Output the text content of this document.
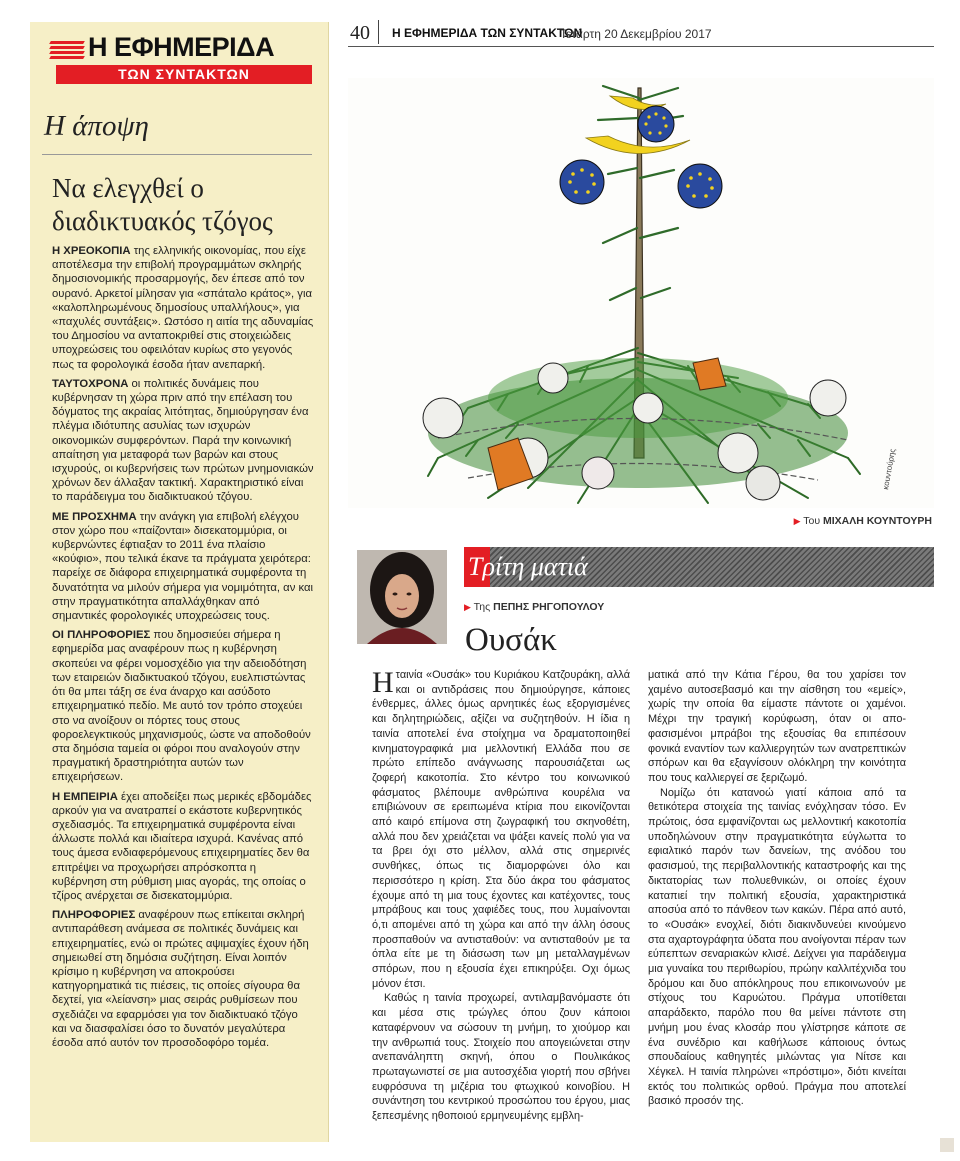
Η ΕΦΗΜΕΡΙΔΑ
ΤΩΝ ΣΥΝΤΑΚΤΩΝ
Η άποψη
Να ελεγχθεί ο διαδικτυακός τζόγος

Η ΧΡΕΟΚΟΠΙΑ της ελληνικής οικονομίας, που είχε αποτέλεσμα την επιβολή προγραμμάτων σκληρής δημοσιονομικής προσαρμογής, δεν έπεσε από τον ουρανό. Αρκετοί μίλησαν για «σπάταλο κράτος», για «καλοπληρωμένους δημοσίους υπαλλήλους», για «παχυλές συντάξεις». Ωστόσο η αιτία της αδυναμίας του Δημοσίου να ανταποκριθεί στις στοιχειώδεις υποχρεώσεις του οφειλόταν κυρίως στο γεγονός πως τα φορολογικά έσοδα ήταν ανεπαρκή.

ΤΑΥΤΟΧΡΟΝΑ οι πολιτικές δυνάμεις που κυβέρνησαν τη χώρα πριν από την επέλαση του δόγματος της ακραίας λιτότητας, δημιούργησαν ένα πλέγμα ιδιότυπης ασυλίας των ισχυρών οικονομικών συμφερόντων. Παρά την κοινωνική απαίτηση για μεταφορά των βαρών και στους ισχυρούς, οι κυβερνήσεις των πρώτων μνημονιακών χρόνων δεν άλλαξαν τακτική. Χαρακτηριστικό είναι το παράδειγμα του διαδικτυακού τζόγου.

ΜΕ ΠΡΟΣΧΗΜΑ την ανάγκη για επιβολή ελέγχου στον χώρο που «παίζονται» δισεκατομμύρια, οι κυβερνώντες έφτιαξαν το 2011 ένα πλαίσιο «κούφιο», που τελικά έκανε τα πράγματα χειρότερα: παρείχε σε διάφορα επιχειρηματικά συμφέροντα τη δυνατότητα να μιλούν σήμερα για νομιμότητα, αν και στην πραγματικότητα απαλλάχθηκαν από σημαντικές φορολογικές υποχρεώσεις τους.

ΟΙ ΠΛΗΡΟΦΟΡΙΕΣ που δημοσιεύει σήμερα η εφημερίδα μας αναφέρουν πως η κυβέρνηση σκοπεύει να φέρει νομοσχέδιο για την αδειοδότηση των εταιρειών διαδικτυακού τζόγου, ευελπιστώντας ότι θα μπει τάξη σε ένα άναρχο και ασύδοτο επιχειρηματικό πεδίο. Με αυτό τον τρόπο στοχεύει στο να ανοίξουν οι πόρτες τους στους φοροελεγκτικούς μηχανισμούς, ώστε να αποδοθούν στα δημόσια ταμεία οι φόροι που αναλογούν στην πραγματική δραστηριότητα αυτών των επιχειρήσεων.

Η ΕΜΠΕΙΡΙΑ έχει αποδείξει πως μερικές εβδομάδες αρκούν για να ανατραπεί ο εκάστοτε κυβερνητικός σχεδιασμός. Τα επιχειρηματικά συμφέροντα είναι άλλωστε πολλά και ιδιαίτερα ισχυρά. Κανένας από τους άμεσα ενδιαφερόμενους επιχειρηματίες δεν θα επιτρέψει να προχωρήσει απρόσκοπτα η κυβέρνηση στη ρύθμιση μιας αγοράς, της οποίας ο τζίρος ανέρχεται σε δισεκατομμύρια.

ΠΛΗΡΟΦΟΡΙΕΣ αναφέρουν πως επίκειται σκληρή αντιπαράθεση ανάμεσα σε πολιτικές δυνάμεις και επιχειρηματίες, ενώ οι πρώτες αψιμαχίες έχουν ήδη σημειωθεί στη δημόσια συζήτηση. Είναι λοιπόν κρίσιμο η κυβέρνηση να αποκρούσει κατηγορηματικά τις πιέσεις, τις οποίες σίγουρα θα δεχτεί, για «λείανση» μιας σειράς ρυθμίσεων που σχεδιάζει να εφαρμόσει για τον διαδικτυακό τζόγο και να διασφαλίσει όσο το δυνατόν μεγαλύτερα έσοδα από αυτόν τον προσοδοφόρο τομέα.

40 Η ΕΦΗΜΕΡΙΔΑ ΤΩΝ ΣΥΝΤΑΚΤΩΝ
Τετάρτη 20 Δεκεμβρίου 2017
κουντούρης
▶ Του ΜΙΧΑΛΗ ΚΟΥΝΤΟΥΡΗ
Τρίτη ματιά
▶ Της ΠΕΠΗΣ ΡΗΓΟΠΟΥΛΟΥ
Ουσάκ

Ηταινία «Ουσάκ» του Κυριάκου Κατζουράκη, αλλά και οι αντιδράσεις που δημιούργησε, κάποιες ένθερμες, άλλες όμως αρνητικές έως εξοργισμένες και δηλητηριώδεις, αξίζει να συζητηθούν. Η ίδια η ταινία αποτελεί ένα στοίχημα να δραματοποιηθεί κινηματογραφικά μια μελλοντική Ελλάδα που σε πρώτο επίπεδο ανάγνωσης παρουσιάζεται ως ζοφερή κακοτοπία. Στο κέντρο του κοινωνικού φάσματος βλέπουμε ανθρώπινα κουρέλια να επιβιώνουν σε ερειπωμένα κτίρια που εικονίζονται από καιρό επίμονα στη ζωγραφική του σκηνοθέτη, αλλά που δεν χρειάζεται να ψάξει κανείς πολύ για να τα βρει όχι στο μέλλον, αλλά στις σημερινές συνθήκες, όπως τις διαμορφώνει όλο και περισσότερο η κρίση. Στα δύο άκρα του φάσματος έχουμε από τη μια τους έχοντες και κατέχοντες, τους μπράβους και τους χαφιέδες τους, που λυμαίνονται ό,τι απομένει από τη χώρα και από την άλλη όσους προσπαθούν να αντισταθούν: να αντισταθούν με τα όπλα είτε με τη διάσωση των μη μεταλλαγμένων σπόρων, που η εξουσία έχει επικηρύξει. Οχι όμως μόνον έτσι.

Καθώς η ταινία προχωρεί, αντιλαμβανόμαστε ότι και μέσα στις τρώγλες όπου ζουν κάποιοι καταφέρνουν να σώσουν τη μνήμη, το χιούμορ και την ανθρωπιά τους. Στοιχείο που απογειώνεται στην ανεπανάληπτη σκηνή, όπου ο Πουλικάκος πρωταγωνιστεί σε μια αυτοσχέδια γιορτή που σβήνει ευφρόσυνα τη μιζέρια του φτωχικού κοινοβίου. Η συνάντηση του κεντρικού προσώπου του έργου, μιας ξεπεσμένης ηθοποιού ερμηνευμένης εμβλη-

ματικά από την Κάτια Γέρου, θα του χαρίσει τον χαμένο αυτοσεβασμό και την αίσθηση του «εμείς», χωρίς την οποία θα είμαστε πάντοτε οι χαμένοι. Μέχρι την τραγική κορύφωση, όταν οι απο-φασισμένοι μπράβοι της εξουσίας θα επιπέσουν φονικά εναντίον των καλλιεργητών των ανατρεπτικών σπόρων και θα εξαγνίσουν ολόκληρη την κοινότητα που τους καλλιεργεί σε ξεριζωμό.

Νομίζω ότι κατανοώ γιατί κάποια από τα θετικότερα στοιχεία της ταινίας ενόχλησαν τόσο. Εν πρώτοις, όσα εμφανίζονται ως μελλοντική κακοτοπία υποδηλώνουν στην πραγματικότητα εύγλωττα το εφιαλτικό παρόν των δανείων, της ανόδου του φασισμού, της περιβαλλοντικής καταστροφής και της δικτατορίας των πολυεθνικών, οι οποίες έχουν καταπιεί την πολιτική εξουσία, χαρακτηριστικά αποσύα από το πάνθεον των κακών. Πέρα από αυτό, το «Ουσάκ» ενοχλεί, διότι διακινδυνεύει κινούμενο στα αχαρτογράφητα ύδατα που ανοίγονται πέραν των εύπεπτων σεναριακών κλισέ. Δείχνει για παράδειγμα μια γυναίκα του περιθωρίου, πρώην καλλιτέχνιδα του δρόμου και δυο απόκληρους που επικοινωνούν με στίχους του Καρυώτου. Πράγμα υποτίθεται απαράδεκτο, παρόλο που θα μείνει πάντοτε στη μνήμη μου ένας κλοσάρ που γλίστρησε κάποτε σε ένα συνέδριο και καθήλωσε κάποιους όντως σπουδαίους καθηγητές μιλώντας για Νίτσε και Χέγκελ. Η ταινία πληρώνει «πρόστιμο», διότι κινείται εκτός του πολιτικώς ορθού. Πράγμα που αποτελεί βασικό προσόν της.
